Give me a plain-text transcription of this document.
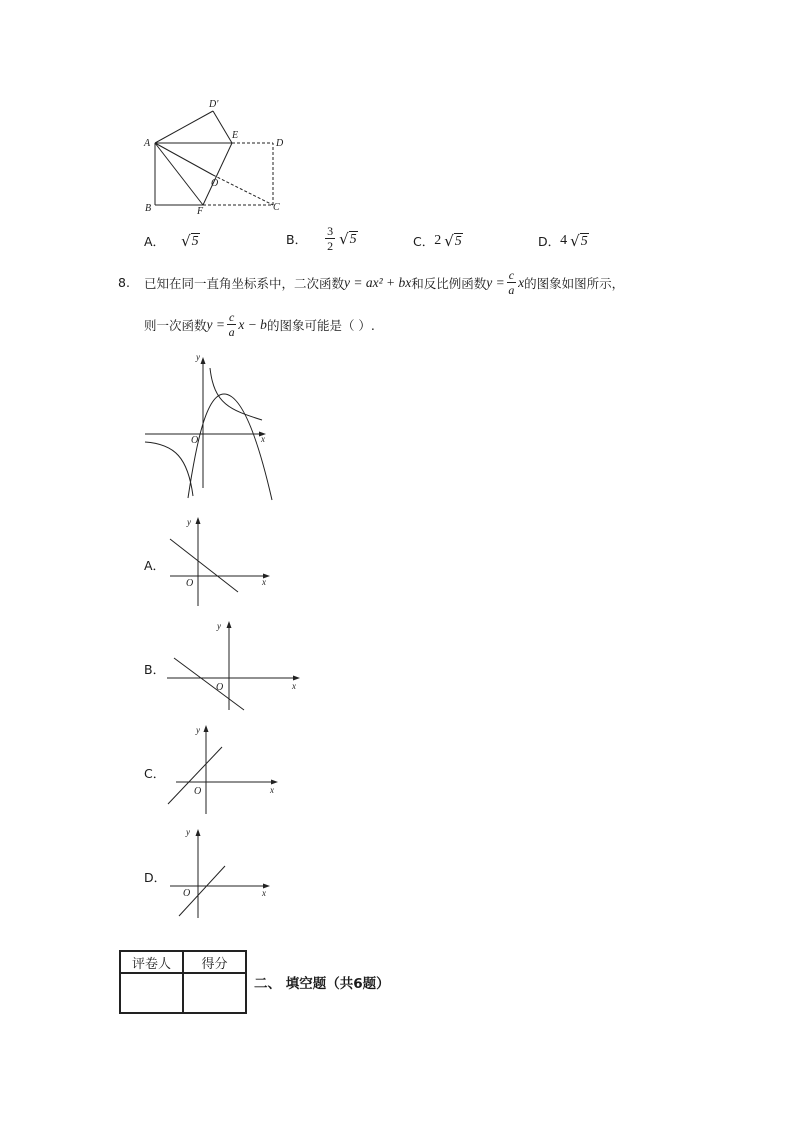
D'
A
E
D
O
B	F	C
A． √ 5	B． $\frac{3}{2}$ √ 5	C． 2 √ 5	D． 4 √ 5
8.	已知在同一直角坐标系中，二次函数 y = ax² + bx 和反比例函数 $y = \frac{c}{a}$ x 的图象如图所示，
则一次函数 $y = \frac{c}{a}$ x − b 的图象可能是（ ）.
y
x
O
A．
y
x
O
B．
y
x
O
C．
y
x
O
D．
y
x
O
评卷人	得分

二、 填空题（共6题）
